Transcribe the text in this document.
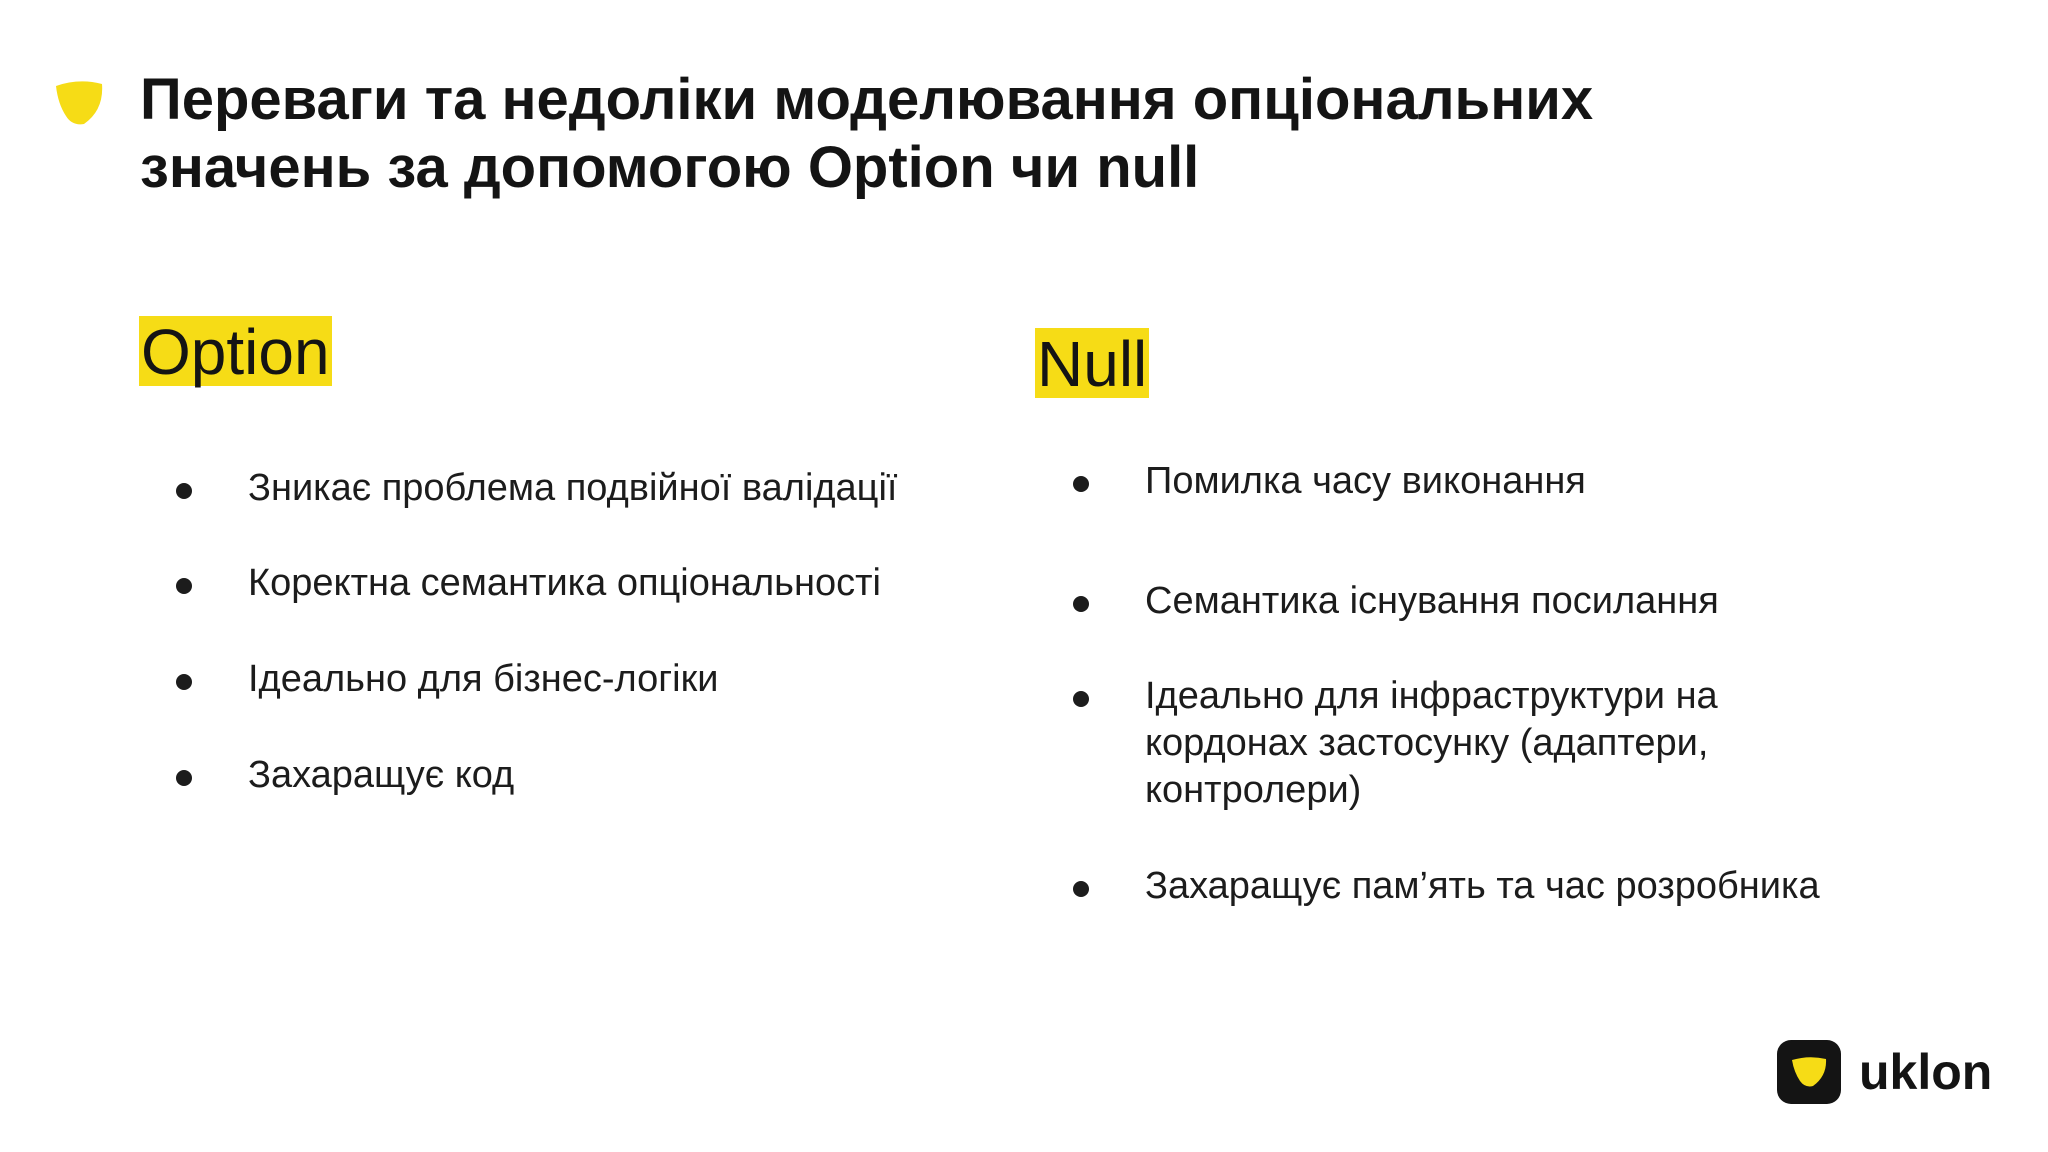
Переваги та недоліки моделювання опціональних
значень за допомогою Option чи null
Option	Null
Зникає проблема подвійної валідації
Коректна семантика опціональності
Ідеально для бізнес-логіки
Захаращує код
Помилка часу виконання
Семантика існування посилання
Ідеально для інфраструктури на кордонах застосунку (адаптери, контролери)
Захаращує пам’ять та час розробника
uklon
